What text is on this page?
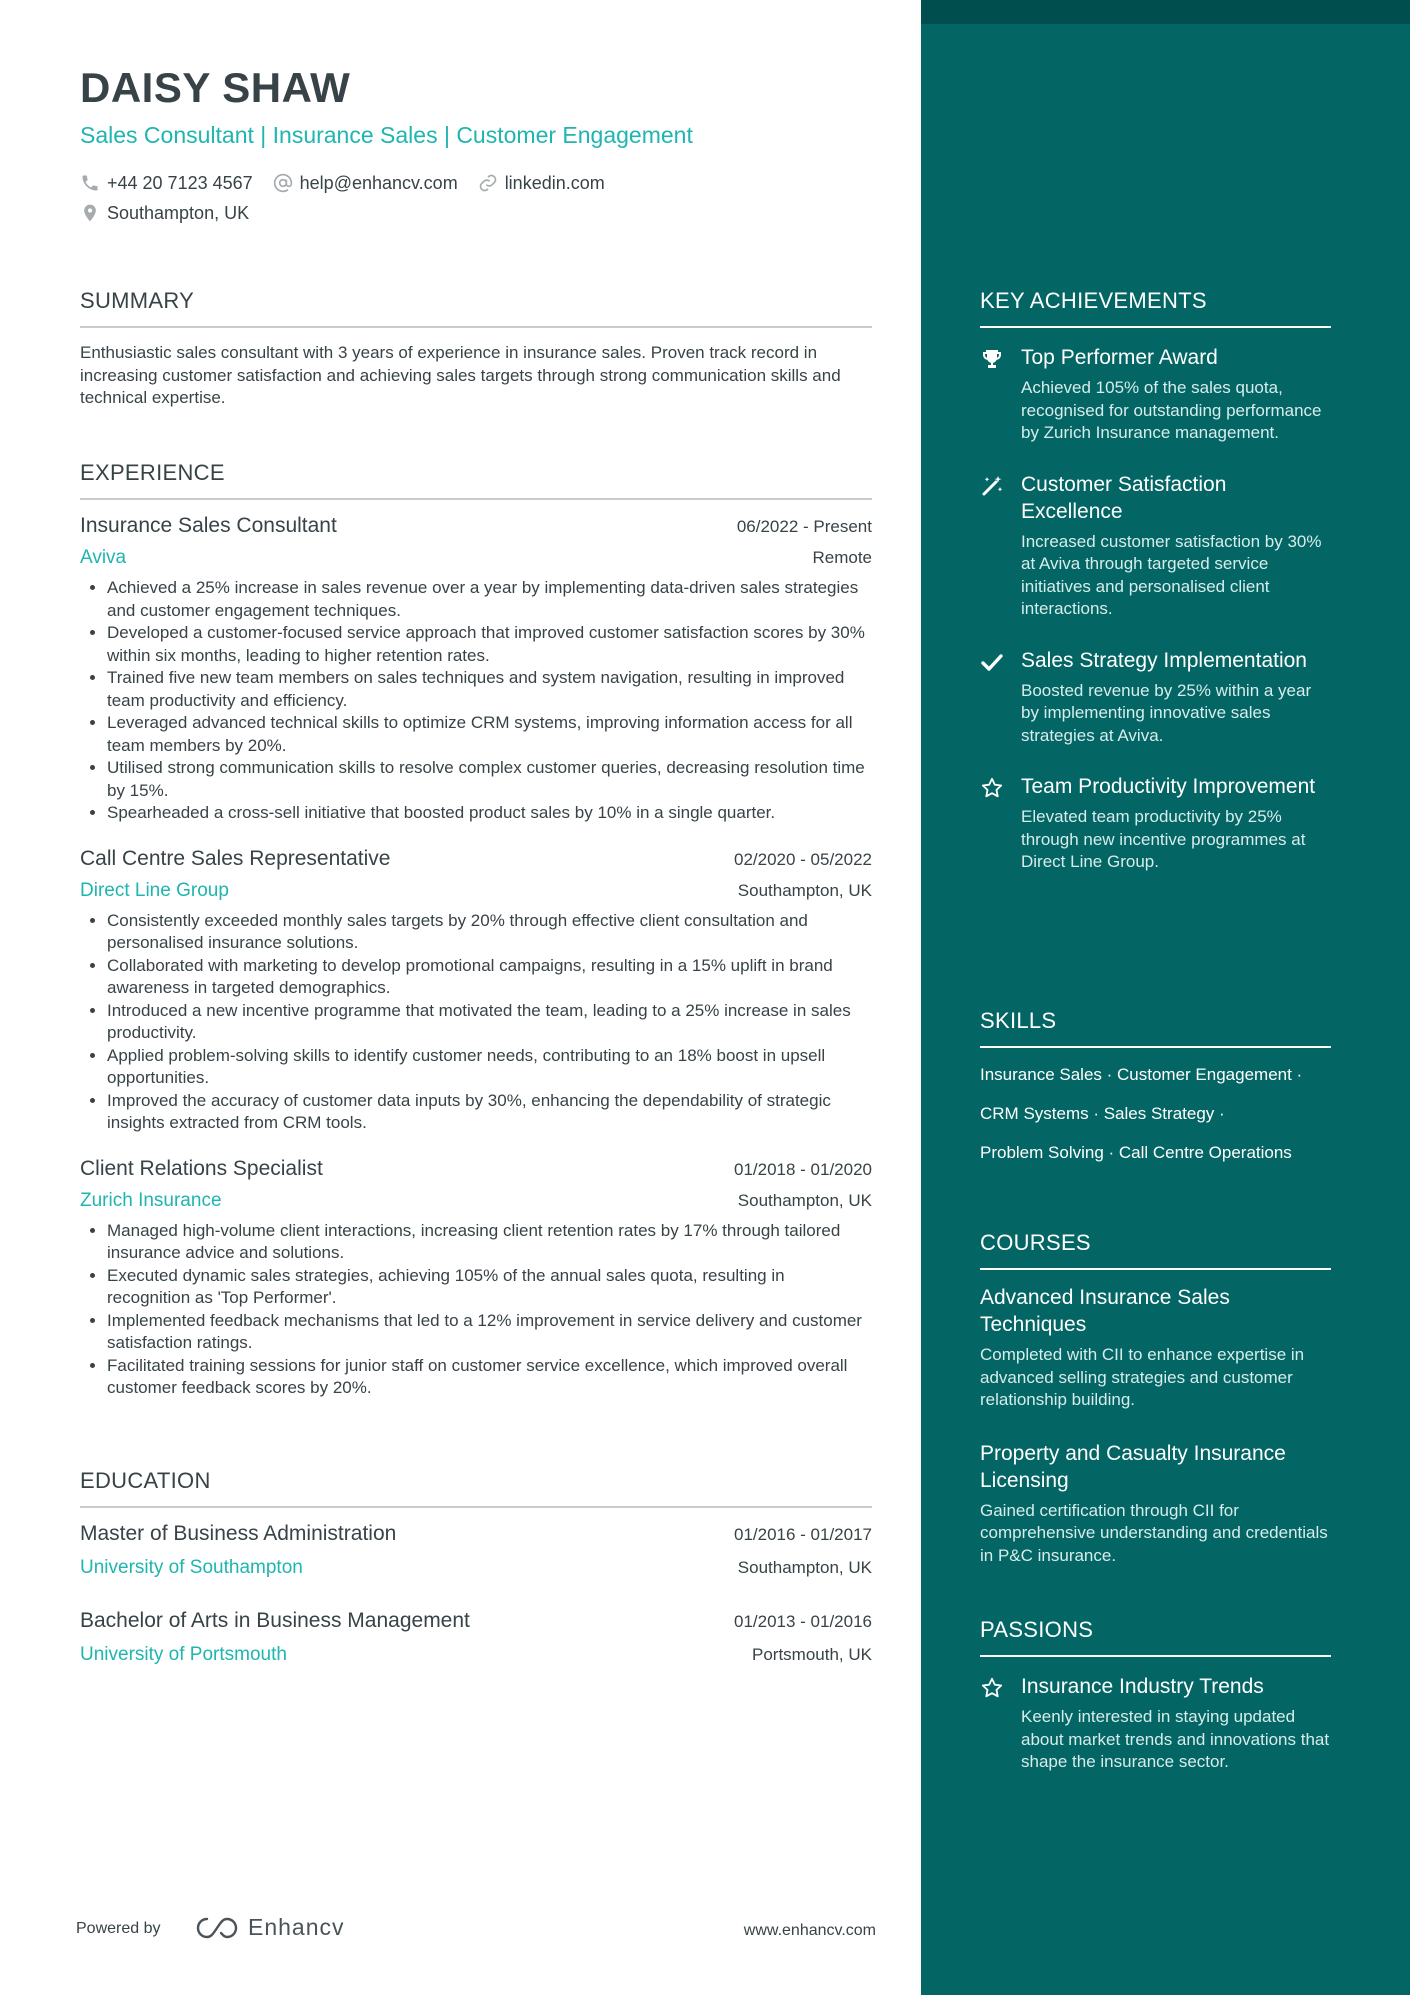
DAISY SHAW
Sales Consultant | Insurance Sales | Customer Engagement
+44 20 7123 4567	help@enhancv.com	linkedin.com
Southampton, UK
SUMMARY

Enthusiastic sales consultant with 3 years of experience in insurance sales. Proven track record in increasing customer satisfaction and achieving sales targets through strong communication skills and technical expertise.

EXPERIENCE
Insurance Sales Consultant	06/2022 - Present
Aviva	Remote
• Achieved a 25% increase in sales revenue over a year by implementing data-driven sales strategies and customer engagement techniques.
• Developed a customer-focused service approach that improved customer satisfaction scores by 30% within six months, leading to higher retention rates.
• Trained five new team members on sales techniques and system navigation, resulting in improved team productivity and efficiency.
• Leveraged advanced technical skills to optimize CRM systems, improving information access for all team members by 20%.
• Utilised strong communication skills to resolve complex customer queries, decreasing resolution time by 15%.
• Spearheaded a cross-sell initiative that boosted product sales by 10% in a single quarter.
Call Centre Sales Representative	02/2020 - 05/2022
Direct Line Group	Southampton, UK
• Consistently exceeded monthly sales targets by 20% through effective client consultation and personalised insurance solutions.
• Collaborated with marketing to develop promotional campaigns, resulting in a 15% uplift in brand awareness in targeted demographics.
• Introduced a new incentive programme that motivated the team, leading to a 25% increase in sales productivity.
• Applied problem-solving skills to identify customer needs, contributing to an 18% boost in upsell opportunities.
• Improved the accuracy of customer data inputs by 30%, enhancing the dependability of strategic insights extracted from CRM tools.
Client Relations Specialist	01/2018 - 01/2020
Zurich Insurance	Southampton, UK
• Managed high-volume client interactions, increasing client retention rates by 17% through tailored insurance advice and solutions.
• Executed dynamic sales strategies, achieving 105% of the annual sales quota, resulting in recognition as 'Top Performer'.
• Implemented feedback mechanisms that led to a 12% improvement in service delivery and customer satisfaction ratings.
• Facilitated training sessions for junior staff on customer service excellence, which improved overall customer feedback scores by 20%.
EDUCATION
Master of Business Administration	01/2016 - 01/2017
University of Southampton	Southampton, UK
Bachelor of Arts in Business Management	01/2013 - 01/2016
University of Portsmouth	Portsmouth, UK
Powered by	Enhancv	www.enhancv.com
KEY ACHIEVEMENTS
Top Performer Award
Achieved 105% of the sales quota, recognised for outstanding performance by Zurich Insurance management.
Customer Satisfaction Excellence
Increased customer satisfaction by 30% at Aviva through targeted service initiatives and personalised client interactions.
Sales Strategy Implementation
Boosted revenue by 25% within a year by implementing innovative sales strategies at Aviva.
Team Productivity Improvement
Elevated team productivity by 25% through new incentive programmes at Direct Line Group.
SKILLS
Insurance Sales · Customer Engagement ·
CRM Systems · Sales Strategy ·
Problem Solving · Call Centre Operations
COURSES
Advanced Insurance Sales Techniques
Completed with CII to enhance expertise in advanced selling strategies and customer relationship building.
Property and Casualty Insurance Licensing
Gained certification through CII for comprehensive understanding and credentials in P&C insurance.
PASSIONS
Insurance Industry Trends
Keenly interested in staying updated about market trends and innovations that shape the insurance sector.
